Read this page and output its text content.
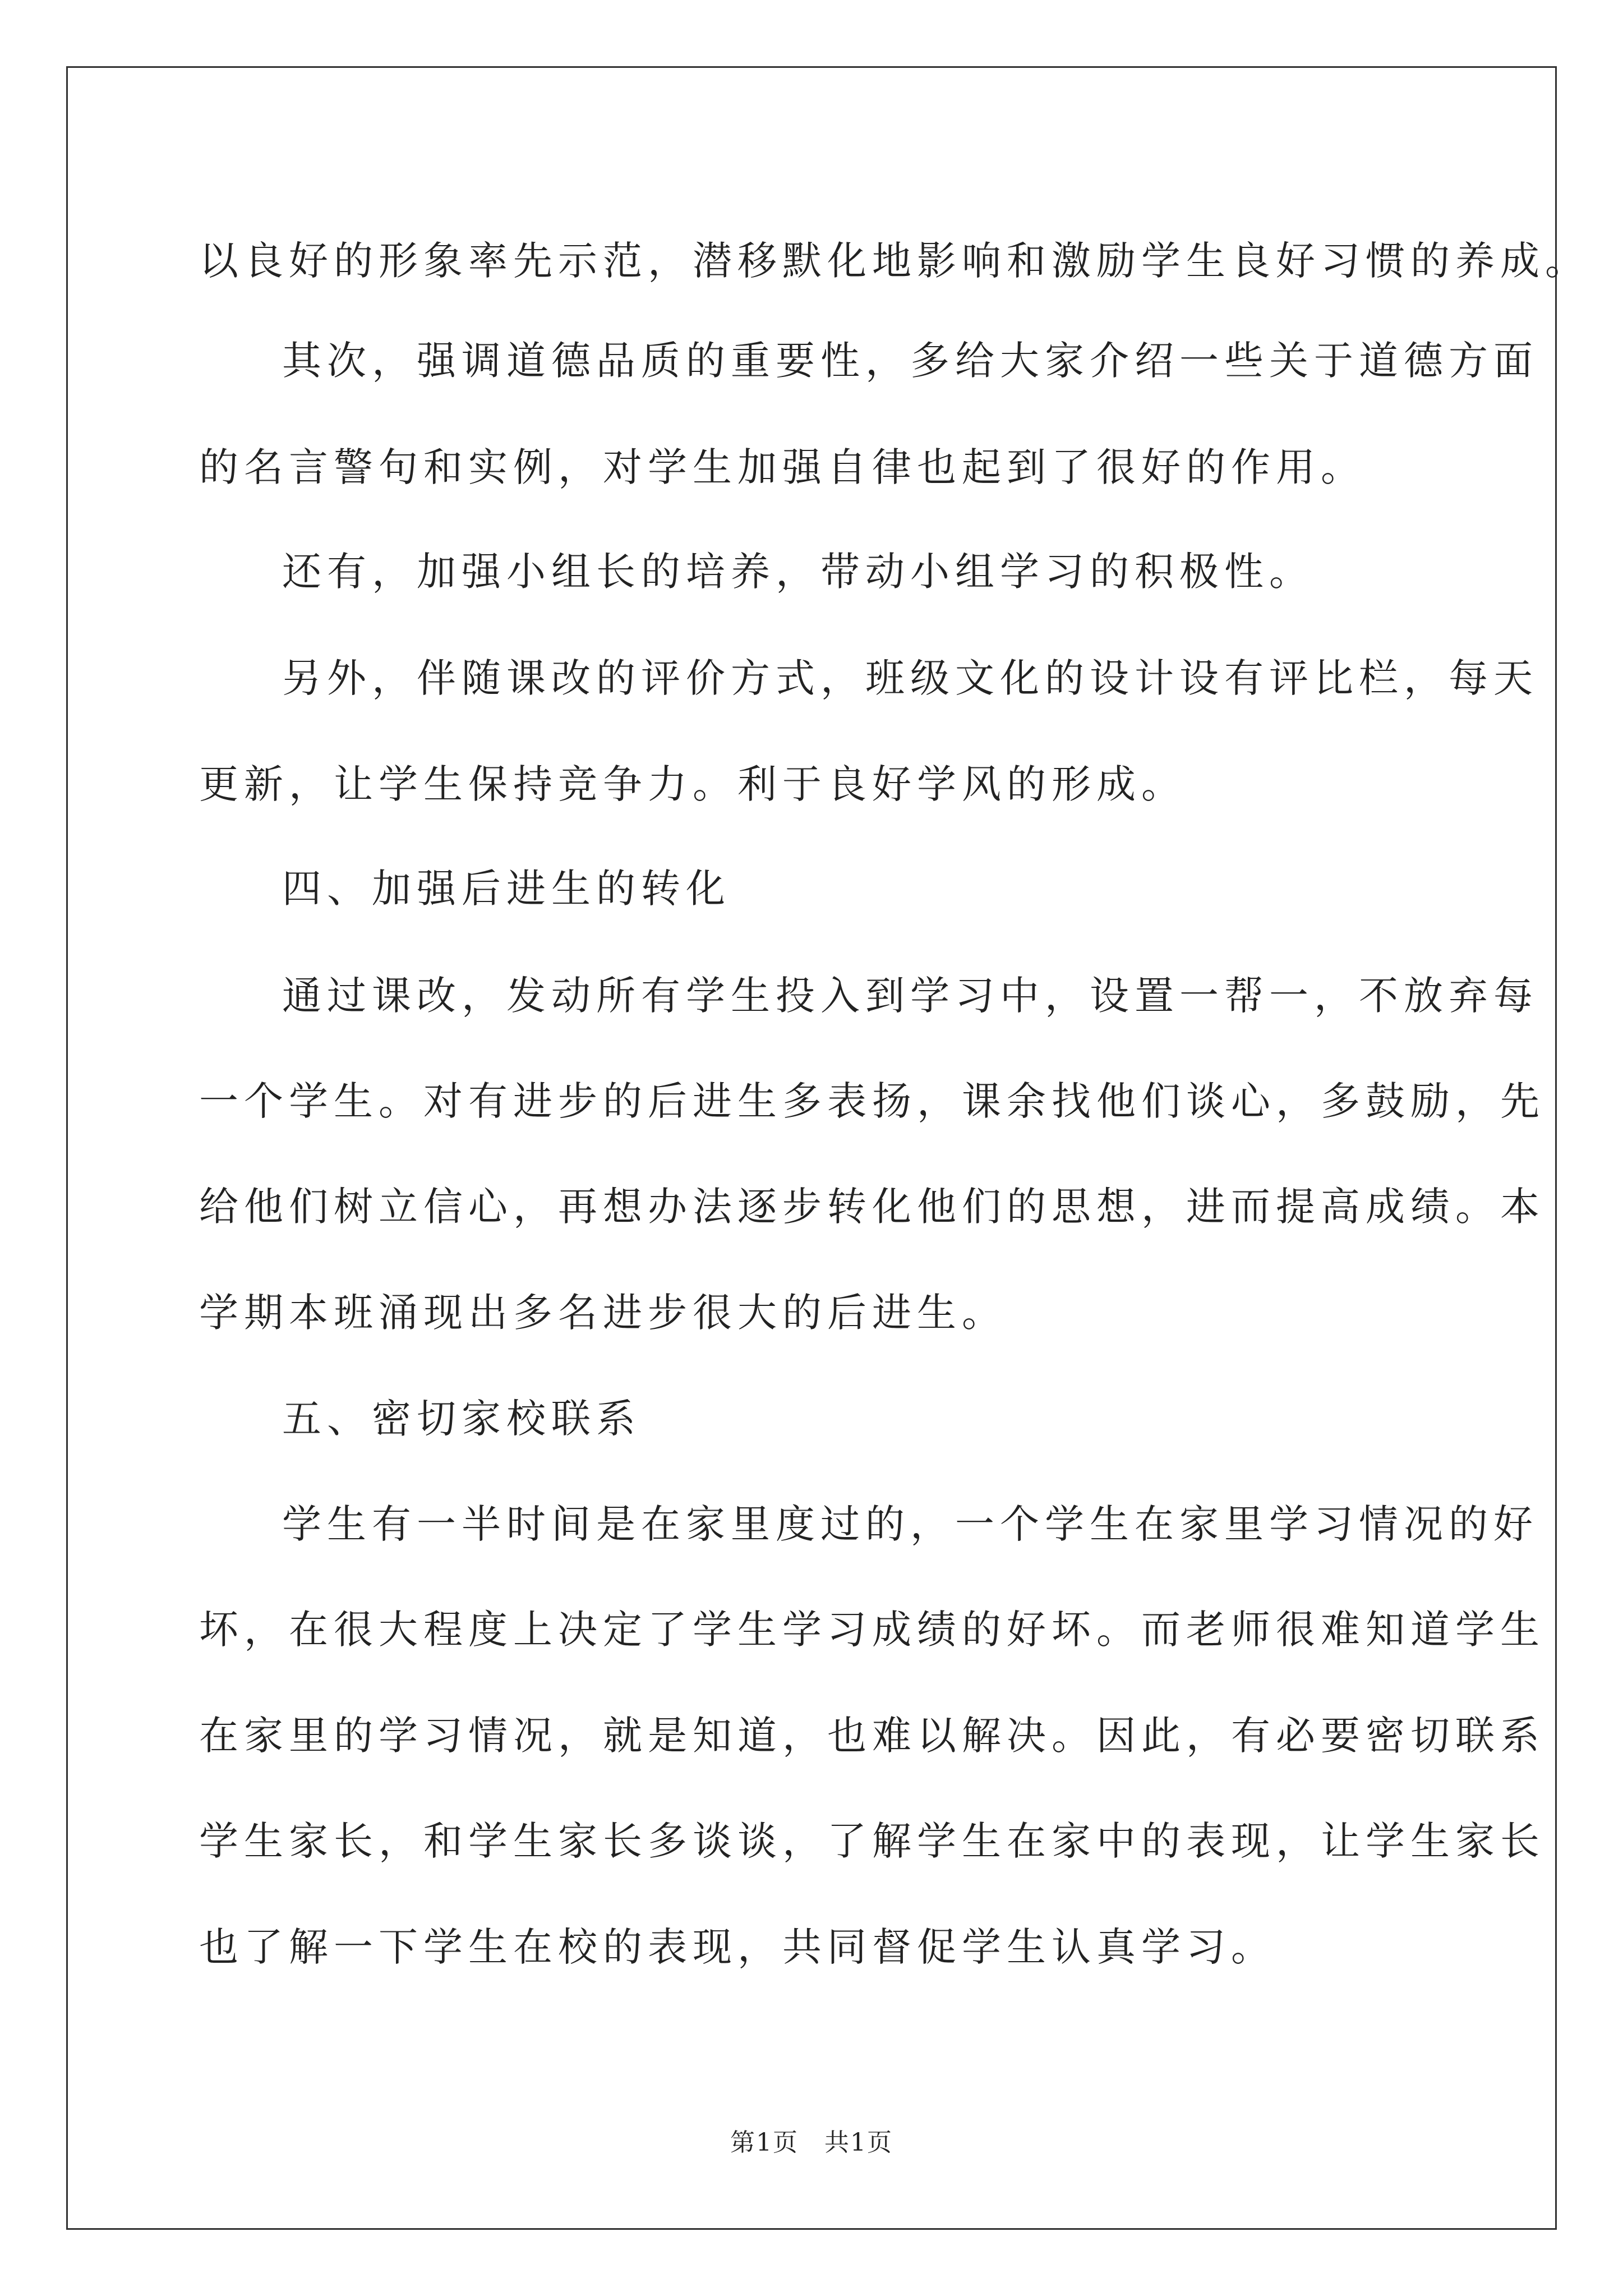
以良好的形象率先示范，潜移默化地影响和激励学生良好习惯的养成。
其次，强调道德品质的重要性，多给大家介绍一些关于道德方面
的名言警句和实例，对学生加强自律也起到了很好的作用。
还有，加强小组长的培养，带动小组学习的积极性。
另外，伴随课改的评价方式，班级文化的设计设有评比栏，每天
更新，让学生保持竞争力。利于良好学风的形成。
四、加强后进生的转化
通过课改，发动所有学生投入到学习中，设置一帮一，不放弃每
一个学生。对有进步的后进生多表扬，课余找他们谈心，多鼓励，先
给他们树立信心，再想办法逐步转化他们的思想，进而提高成绩。本
学期本班涌现出多名进步很大的后进生。
五、密切家校联系
学生有一半时间是在家里度过的，一个学生在家里学习情况的好
坏，在很大程度上决定了学生学习成绩的好坏。而老师很难知道学生
在家里的学习情况，就是知道，也难以解决。因此，有必要密切联系
学生家长，和学生家长多谈谈，了解学生在家中的表现，让学生家长
也了解一下学生在校的表现，共同督促学生认真学习。
第1页　共1页
